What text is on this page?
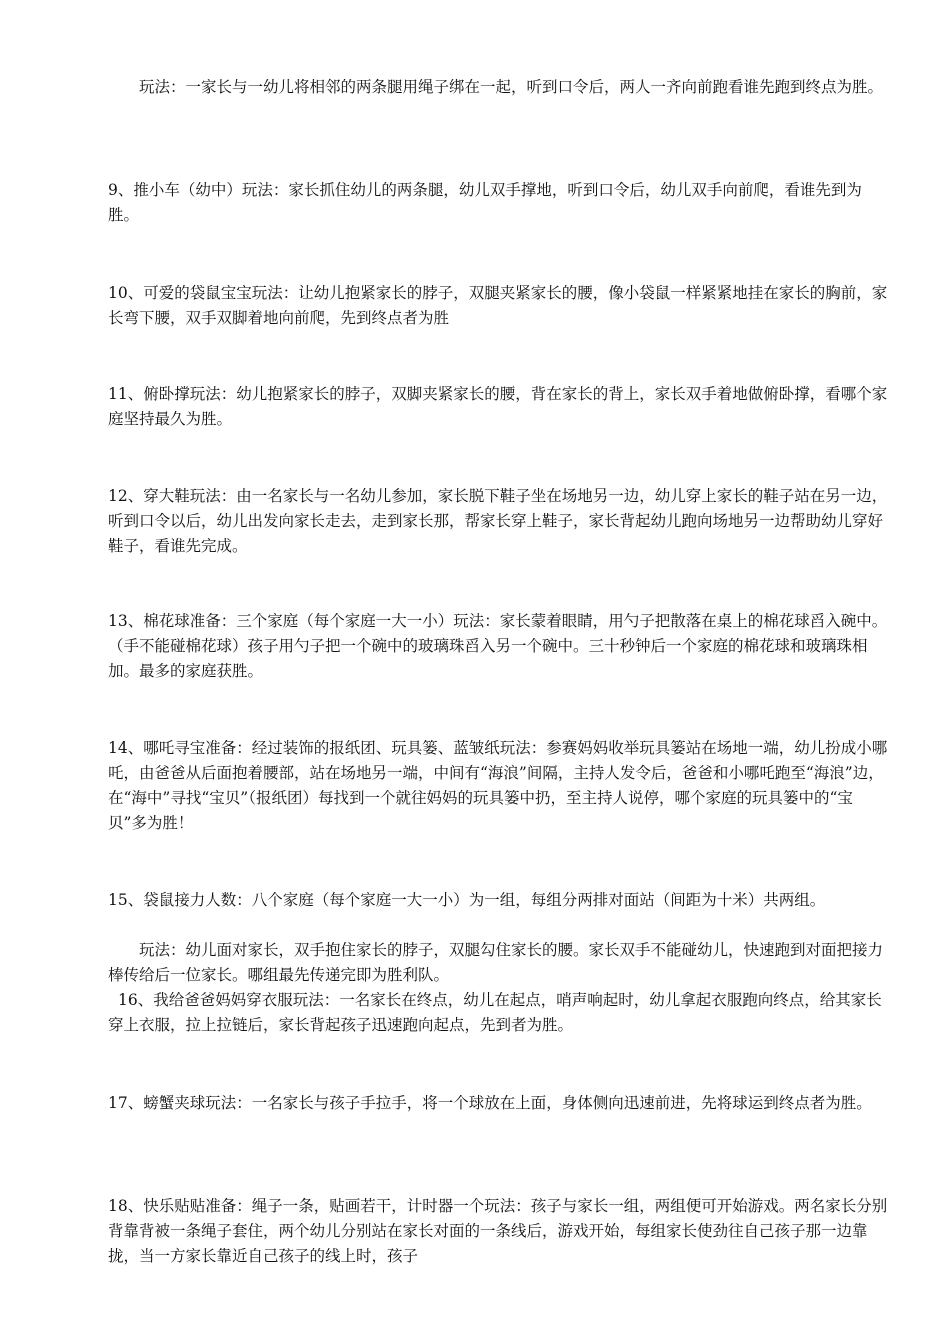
玩法：一家长与一幼儿将相邻的两条腿用绳子绑在一起，听到口令后，两人一齐向前跑看谁先跑到终点为胜。

9、推小车（幼中）玩法：家长抓住幼儿的两条腿，幼儿双手撑地，听到口令后，幼儿双手向前爬，看谁先到为胜。

10、可爱的袋鼠宝宝玩法：让幼儿抱紧家长的脖子，双腿夹紧家长的腰，像小袋鼠一样紧紧地挂在家长的胸前，家长弯下腰，双手双脚着地向前爬，先到终点者为胜

11、俯卧撑玩法：幼儿抱紧家长的脖子，双脚夹紧家长的腰，背在家长的背上，家长双手着地做俯卧撑，看哪个家庭坚持最久为胜。

12、穿大鞋玩法：由一名家长与一名幼儿参加，家长脱下鞋子坐在场地另一边，幼儿穿上家长的鞋子站在另一边，听到口令以后，幼儿出发向家长走去，走到家长那，帮家长穿上鞋子，家长背起幼儿跑向场地另一边帮助幼儿穿好鞋子，看谁先完成。

13、棉花球准备：三个家庭（每个家庭一大一小）玩法：家长蒙着眼睛，用勺子把散落在桌上的棉花球舀入碗中。（手不能碰棉花球）孩子用勺子把一个碗中的玻璃珠舀入另一个碗中。三十秒钟后一个家庭的棉花球和玻璃珠相加。最多的家庭获胜。

14、哪吒寻宝准备：经过装饰的报纸团、玩具篓、蓝皱纸玩法：参赛妈妈收举玩具篓站在场地一端，幼儿扮成小哪吒，由爸爸从后面抱着腰部，站在场地另一端，中间有“海浪”间隔，主持人发令后，爸爸和小哪吒跑至“海浪”边，在“海中”寻找“宝贝”（报纸团）每找到一个就往妈妈的玩具篓中扔，至主持人说停，哪个家庭的玩具篓中的“宝贝”多为胜！

15、袋鼠接力人数：八个家庭（每个家庭一大一小）为一组，每组分两排对面站（间距为十米）共两组。

玩法：幼儿面对家长，双手抱住家长的脖子，双腿勾住家长的腰。家长双手不能碰幼儿，快速跑到对面把接力棒传给后一位家长。哪组最先传递完即为胜利队。

16、我给爸爸妈妈穿衣服玩法：一名家长在终点，幼儿在起点，哨声响起时，幼儿拿起衣服跑向终点，给其家长穿上衣服，拉上拉链后，家长背起孩子迅速跑向起点，先到者为胜。

17、螃蟹夹球玩法：一名家长与孩子手拉手，将一个球放在上面，身体侧向迅速前进，先将球运到终点者为胜。

18、快乐贴贴准备：绳子一条，贴画若干，计时器一个玩法：孩子与家长一组，两组便可开始游戏。两名家长分别背靠背被一条绳子套住，两个幼儿分别站在家长对面的一条线后，游戏开始，每组家长使劲往自己孩子那一边靠拢，当一方家长靠近自己孩子的线上时，孩子
